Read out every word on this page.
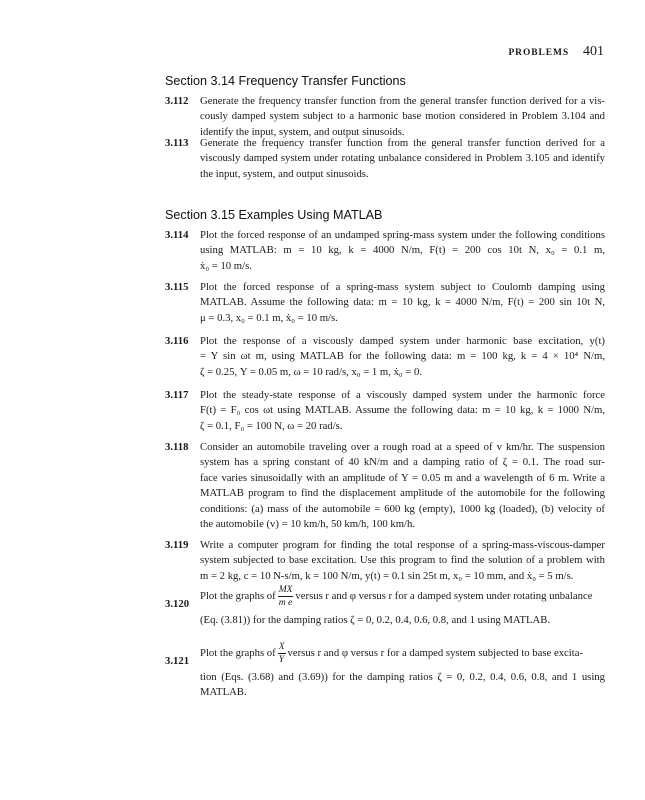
PROBLEMS 401
Section 3.14 Frequency Transfer Functions
3.112 Generate the frequency transfer function from the general transfer function derived for a vis-
cously damped system subject to a harmonic base motion considered in Problem 3.104 and
identify the input, system, and output sinusoids.
3.113 Generate the frequency transfer function from the general transfer function derived for a
viscously damped system under rotating unbalance considered in Problem 3.105 and identify
the input, system, and output sinusoids.
Section 3.15 Examples Using MATLAB
3.114 Plot the forced response of an undamped spring-mass system under the following conditions
using MATLAB: m = 10 kg, k = 4000 N/m, F(t) = 200 cos 10t N, x₀ = 0.1 m,
ẋ₀ = 10 m/s.
3.115 Plot the forced response of a spring-mass system subject to Coulomb damping using
MATLAB. Assume the following data: m = 10 kg, k = 4000 N/m, F(t) = 200 sin 10t N,
μ = 0.3, x₀ = 0.1 m, ẋ₀ = 10 m/s.
3.116 Plot the response of a viscously damped system under harmonic base excitation, y(t)
= Y sin ωt m, using MATLAB for the following data: m = 100 kg, k = 4 × 10⁴ N/m,
ζ = 0.25, Y = 0.05 m, ω = 10 rad/s, x₀ = 1 m, ẋ₀ = 0.
3.117 Plot the steady-state response of a viscously damped system under the harmonic force
F(t) = F₀ cos ωt using MATLAB. Assume the following data: m = 10 kg, k = 1000 N/m,
ζ = 0.1, F₀ = 100 N, ω = 20 rad/s.
3.118 Consider an automobile traveling over a rough road at a speed of v km/hr. The suspension
system has a spring constant of 40 kN/m and a damping ratio of ζ = 0.1. The road sur-
face varies sinusoidally with an amplitude of Y = 0.05 m and a wavelength of 6 m. Write a
MATLAB program to find the displacement amplitude of the automobile for the following
conditions: (a) mass of the automobile = 600 kg (empty), 1000 kg (loaded), (b) velocity of
the automobile (v) = 10 km/h, 50 km/h, 100 km/h.
3.119 Write a computer program for finding the total response of a spring-mass-viscous-damper
system subjected to base excitation. Use this program to find the solution of a problem with
m = 2 kg, c = 10 N-s/m, k = 100 N/m, y(t) = 0.1 sin 25t m, x₀ = 10 mm, and ẋ₀ = 5 m/s.
3.120
Plot the graphs of $\frac{MX}{\text{m e}}$ versus r and φ versus r for a damped system under rotating unbalance
(Eq. (3.81)) for the damping ratios ζ = 0, 0.2, 0.4, 0.6, 0.8, and 1 using MATLAB.
3.121
Plot the graphs of $\frac{X}{Y}$ versus r and φ versus r for a damped system subjected to base excita-
tion (Eqs. (3.68) and (3.69)) for the damping ratios ζ = 0, 0.2, 0.4, 0.6, 0.8, and 1 using
MATLAB.
